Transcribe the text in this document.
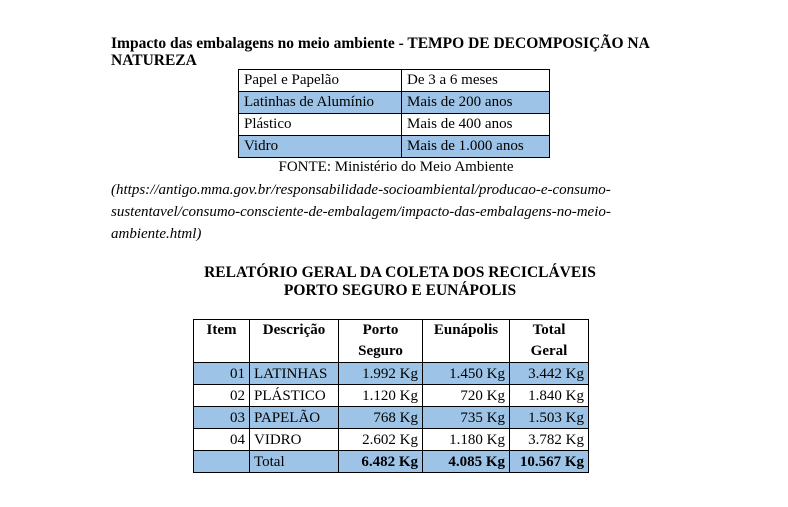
Impacto das embalagens no meio ambiente - TEMPO DE DECOMPOSIÇÃO NA NATUREZA
Papel e Papelão	De 3 a 6 meses
Latinhas de Alumínio	Mais de 200 anos
Plástico	Mais de 400 anos
Vidro	Mais de 1.000 anos
FONTE: Ministério do Meio Ambiente
(https://antigo.mma.gov.br/responsabilidade-socioambiental/producao-e-consumo-sustentavel/consumo-consciente-de-embalagem/impacto-das-embalagens-no-meio-ambiente.html)
RELATÓRIO GERAL DA COLETA DOS RECICLÁVEIS
PORTO SEGURO E EUNÁPOLIS
Item	Descrição	Porto Seguro	Eunápolis	Total Geral
01	LATINHAS	1.992 Kg	1.450 Kg	3.442 Kg
02	PLÁSTICO	1.120 Kg	720 Kg	1.840 Kg
03	PAPELÃO	768 Kg	735 Kg	1.503 Kg
04	VIDRO	2.602 Kg	1.180 Kg	3.782 Kg
	Total	6.482 Kg	4.085 Kg	10.567 Kg
